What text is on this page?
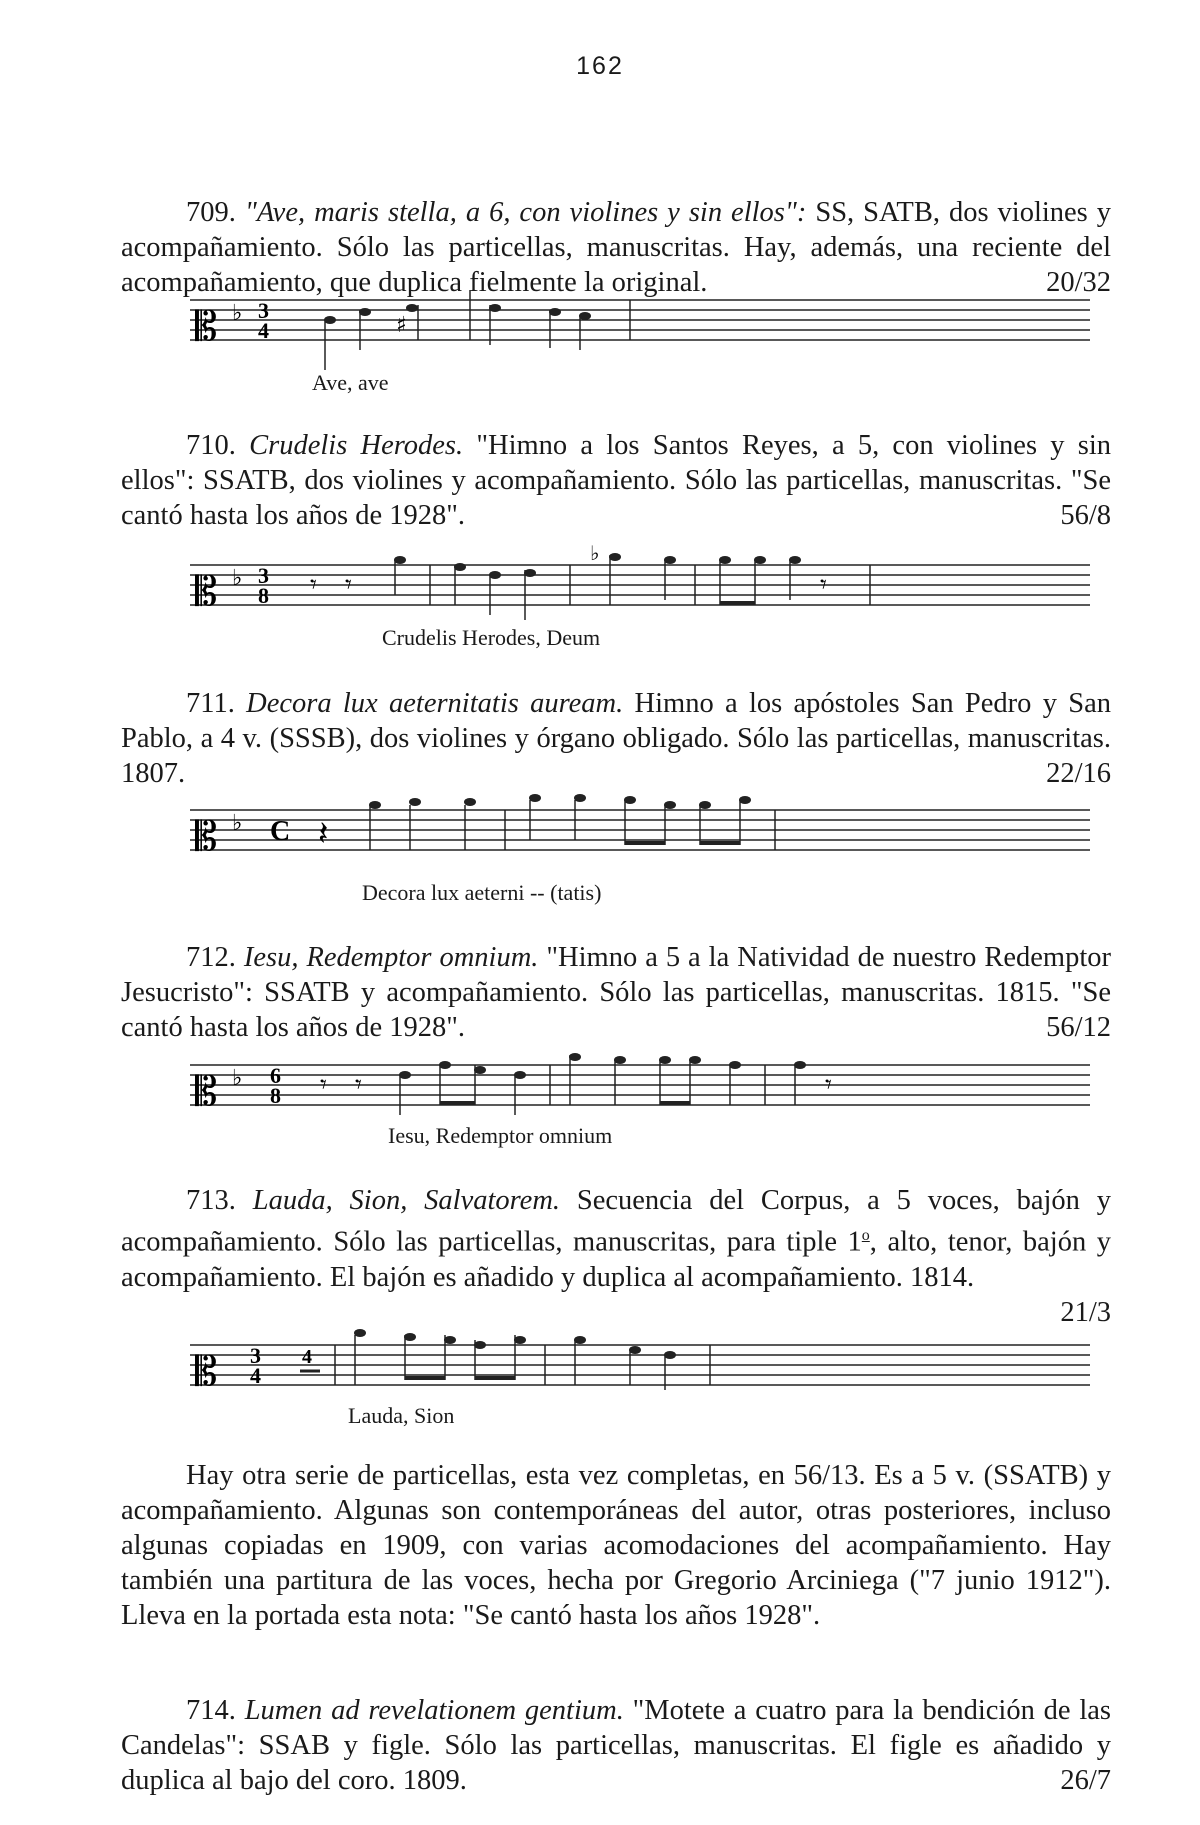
162
709. "Ave, maris stella, a 6, con violines y sin ellos": SS, SATB, dos violines y acompañamiento. Sólo las particellas, manuscritas. Hay, además, una reciente del acompañamiento, que duplica fielmente la original.	20/32
𝄡 ♭ 3
4	♯
Ave, ave
710. Crudelis Herodes. "Himno a los Santos Reyes, a 5, con violines y sin ellos": SSATB, dos violines y acompañamiento. Sólo las particellas, manuscritas. "Se cantó hasta los años de 1928".	56/8
𝄡 ♭ 3
8 𝄾 𝄾
♭
𝄾
Crudelis Herodes, Deum
711. Decora lux aeternitatis auream. Himno a los apóstoles San Pedro y San Pablo, a 4 v. (SSSB), dos violines y órgano obligado. Sólo las particellas, manuscritas. 1807.	22/16
𝄡 ♭ C 𝄽
Decora lux aeterni -- (tatis)
712. Iesu, Redemptor omnium. "Himno a 5 a la Natividad de nuestro Redemptor Jesucristo": SSATB y acompañamiento. Sólo las particellas, manuscritas. 1815. "Se cantó hasta los años de 1928".	56/12
𝄡 ♭ 6
8 𝄾 𝄾	𝄾
Iesu, Redemptor omnium
713. Lauda, Sion, Salvatorem. Secuencia del Corpus, a 5 voces, bajón y acompañamiento. Sólo las particellas, manuscritas, para tiple 1$^o$, alto, tenor, bajón y acompañamiento. El bajón es añadido y duplica al acompañamiento. 1814.
21/3
𝄡 3
4
4
Lauda, Sion
Hay otra serie de particellas, esta vez completas, en 56/13. Es a 5 v. (SSATB) y acompañamiento. Algunas son contemporáneas del autor, otras posteriores, incluso algunas copiadas en 1909, con varias acomodaciones del acompañamiento. Hay también una partitura de las voces, hecha por Gregorio Arciniega ("7 junio 1912"). Lleva en la portada esta nota: "Se cantó hasta los años 1928".
714. Lumen ad revelationem gentium. "Motete a cuatro para la bendición de las Candelas": SSAB y figle. Sólo las particellas, manuscritas. El figle es añadido y duplica al bajo del coro. 1809.	26/7
